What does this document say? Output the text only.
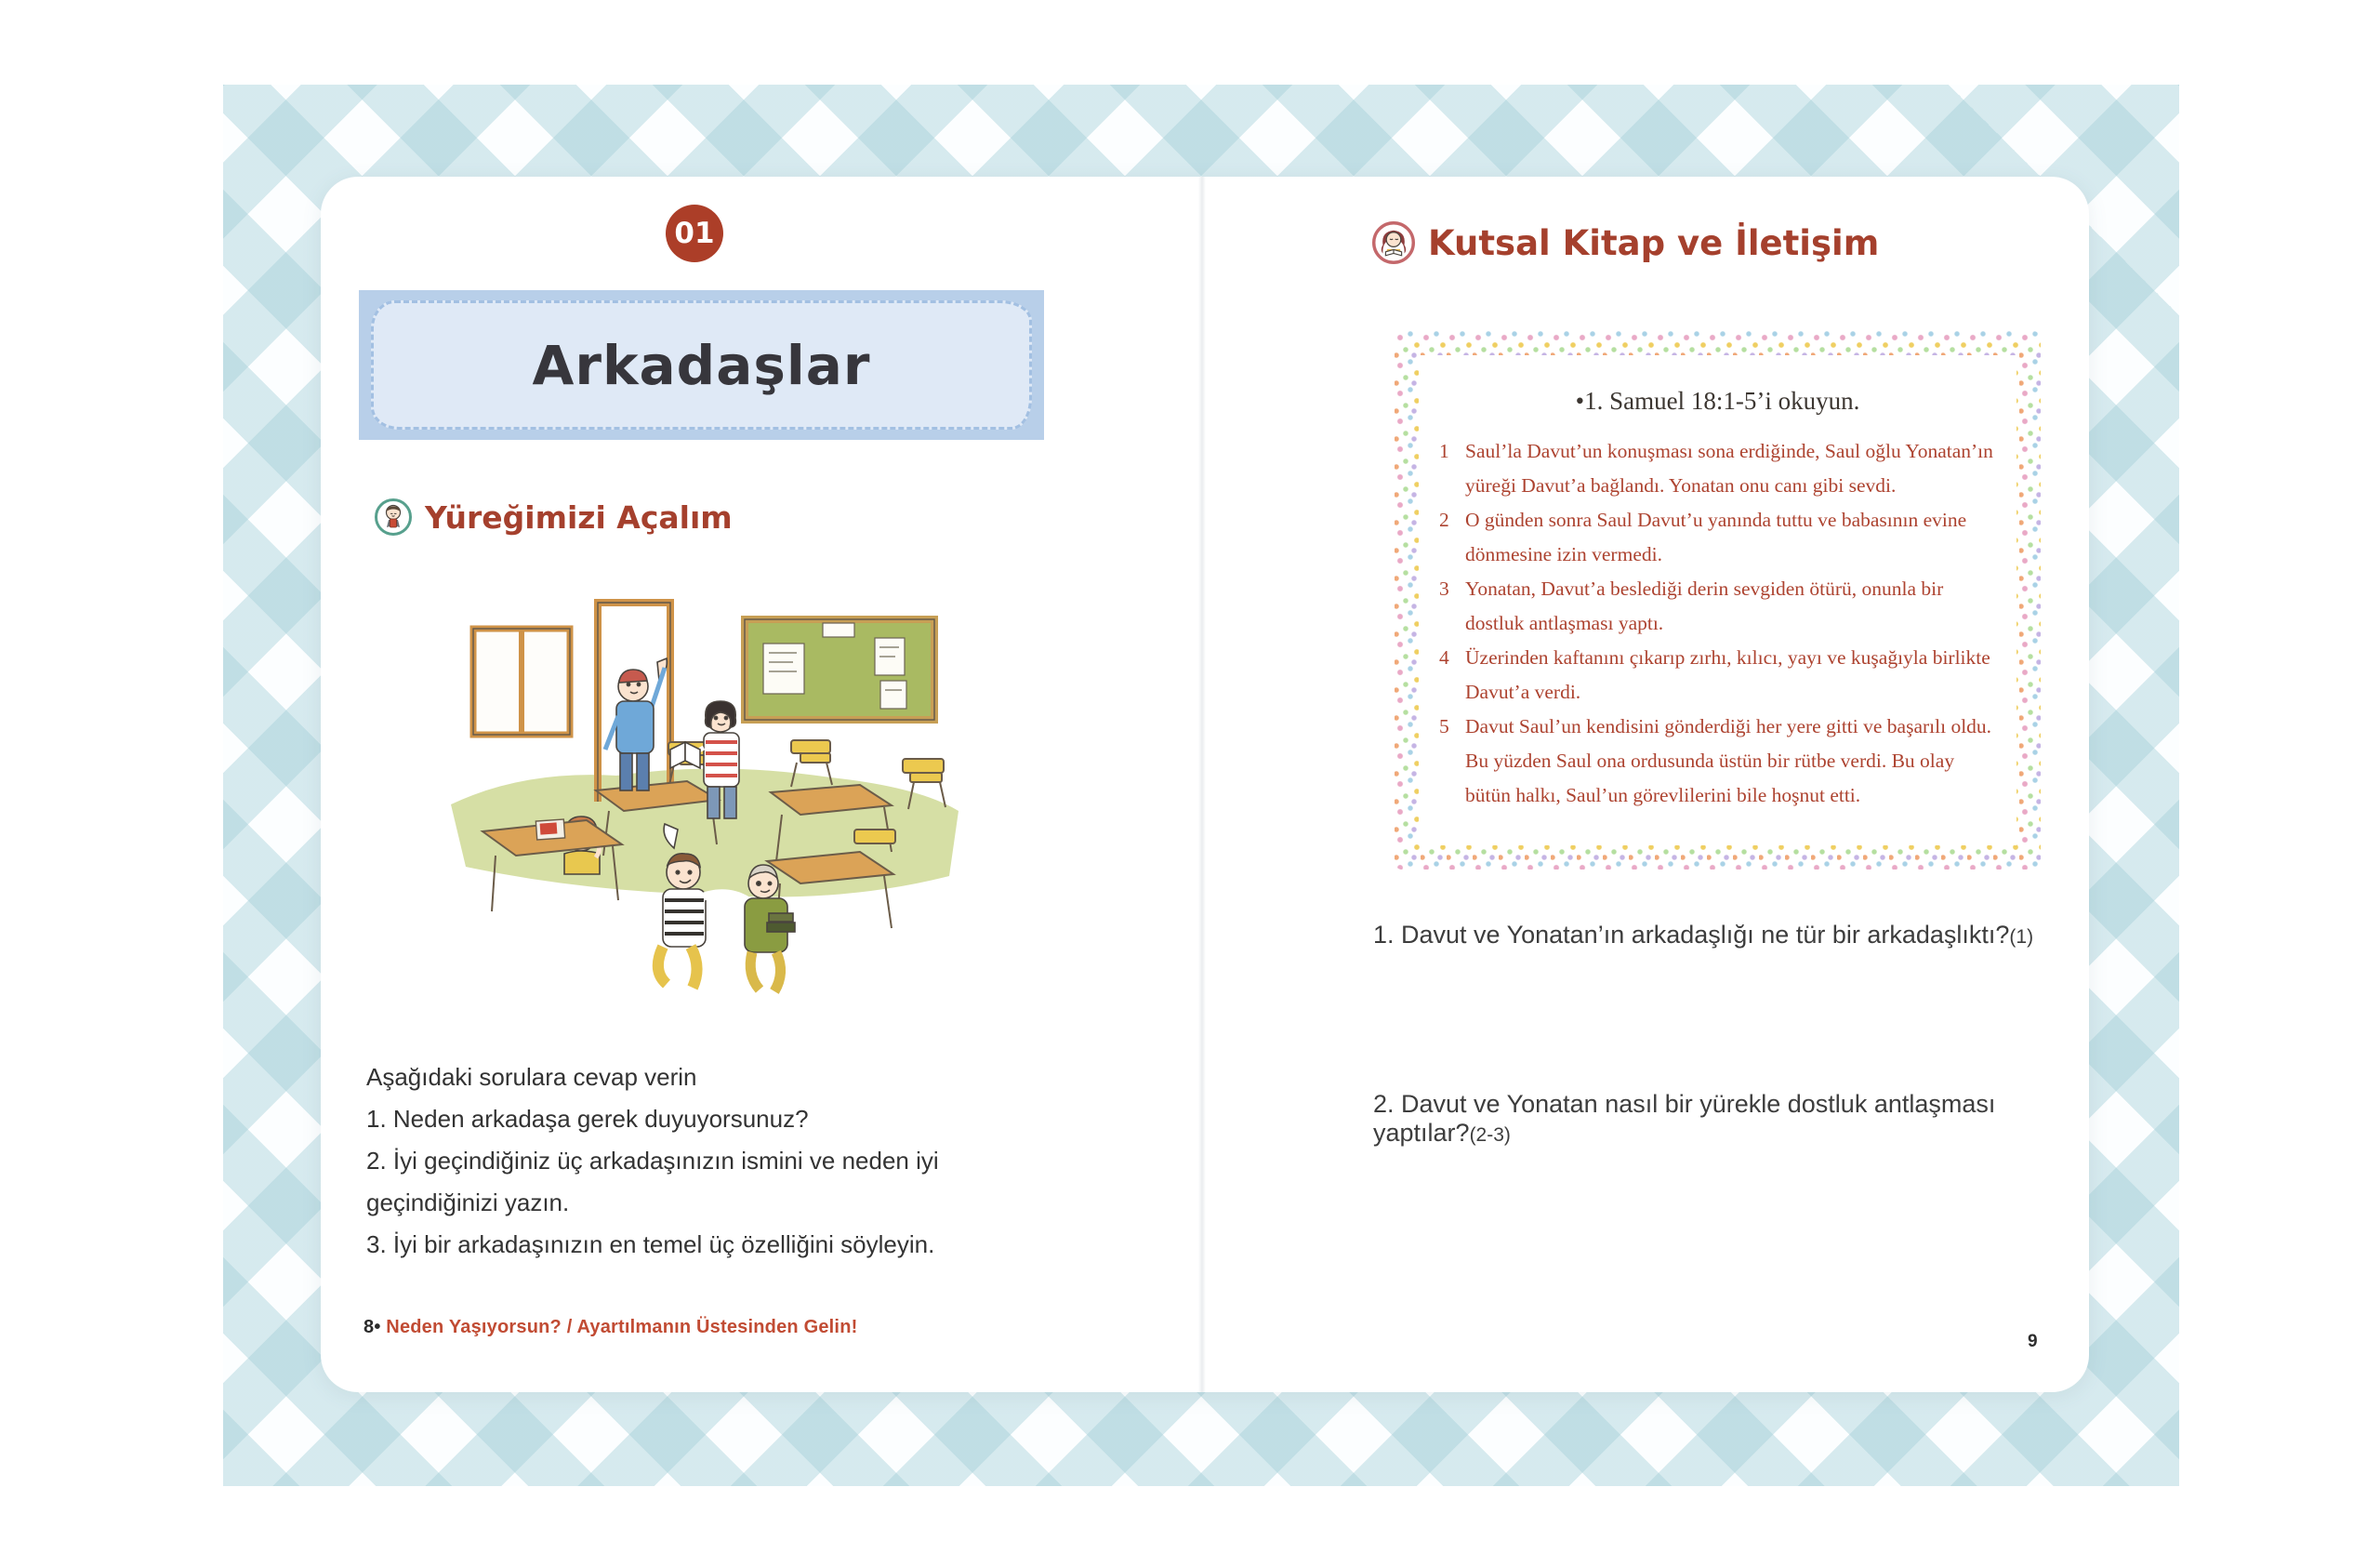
01
Arkadaşlar
Yüreğimizi Açalım
Aşağıdaki sorulara cevap verin
1. Neden arkadaşa gerek duyuyorsunuz?
2. İyi geçindiğiniz üç arkadaşınızın ismini ve neden iyi geçindiğinizi yazın.
3. İyi bir arkadaşınızın en temel üç özelliğini söyleyin.
8• Neden Yaşıyorsun? / Ayartılmanın Üstesinden Gelin!
Kutsal Kitap ve İletişim
•1. Samuel 18:1-5’i okuyun.
1 Saul’la Davut’un konuşması sona erdiğinde, Saul oğlu Yonatan’ın yüreği Davut’a bağlandı. Yonatan onu canı gibi sevdi.
2 O günden sonra Saul Davut’u yanında tuttu ve babasının evine dönmesine izin vermedi.
3 Yonatan, Davut’a beslediği derin sevgiden ötürü, onunla bir dostluk antlaşması yaptı.
4 Üzerinden kaftanını çıkarıp zırhı, kılıcı, yayı ve kuşağıyla birlikte Davut’a verdi.
5 Davut Saul’un kendisini gönderdiği her yere gitti ve başarılı oldu. Bu yüzden Saul ona ordusunda üstün bir rütbe verdi. Bu olay bütün halkı, Saul’un görevlilerini bile hoşnut etti.
1. Davut ve Yonatan’ın arkadaşlığı ne tür bir arkadaşlıktı?(1)
2. Davut ve Yonatan nasıl bir yürekle dostluk antlaşması yaptılar?(2-3)
9
